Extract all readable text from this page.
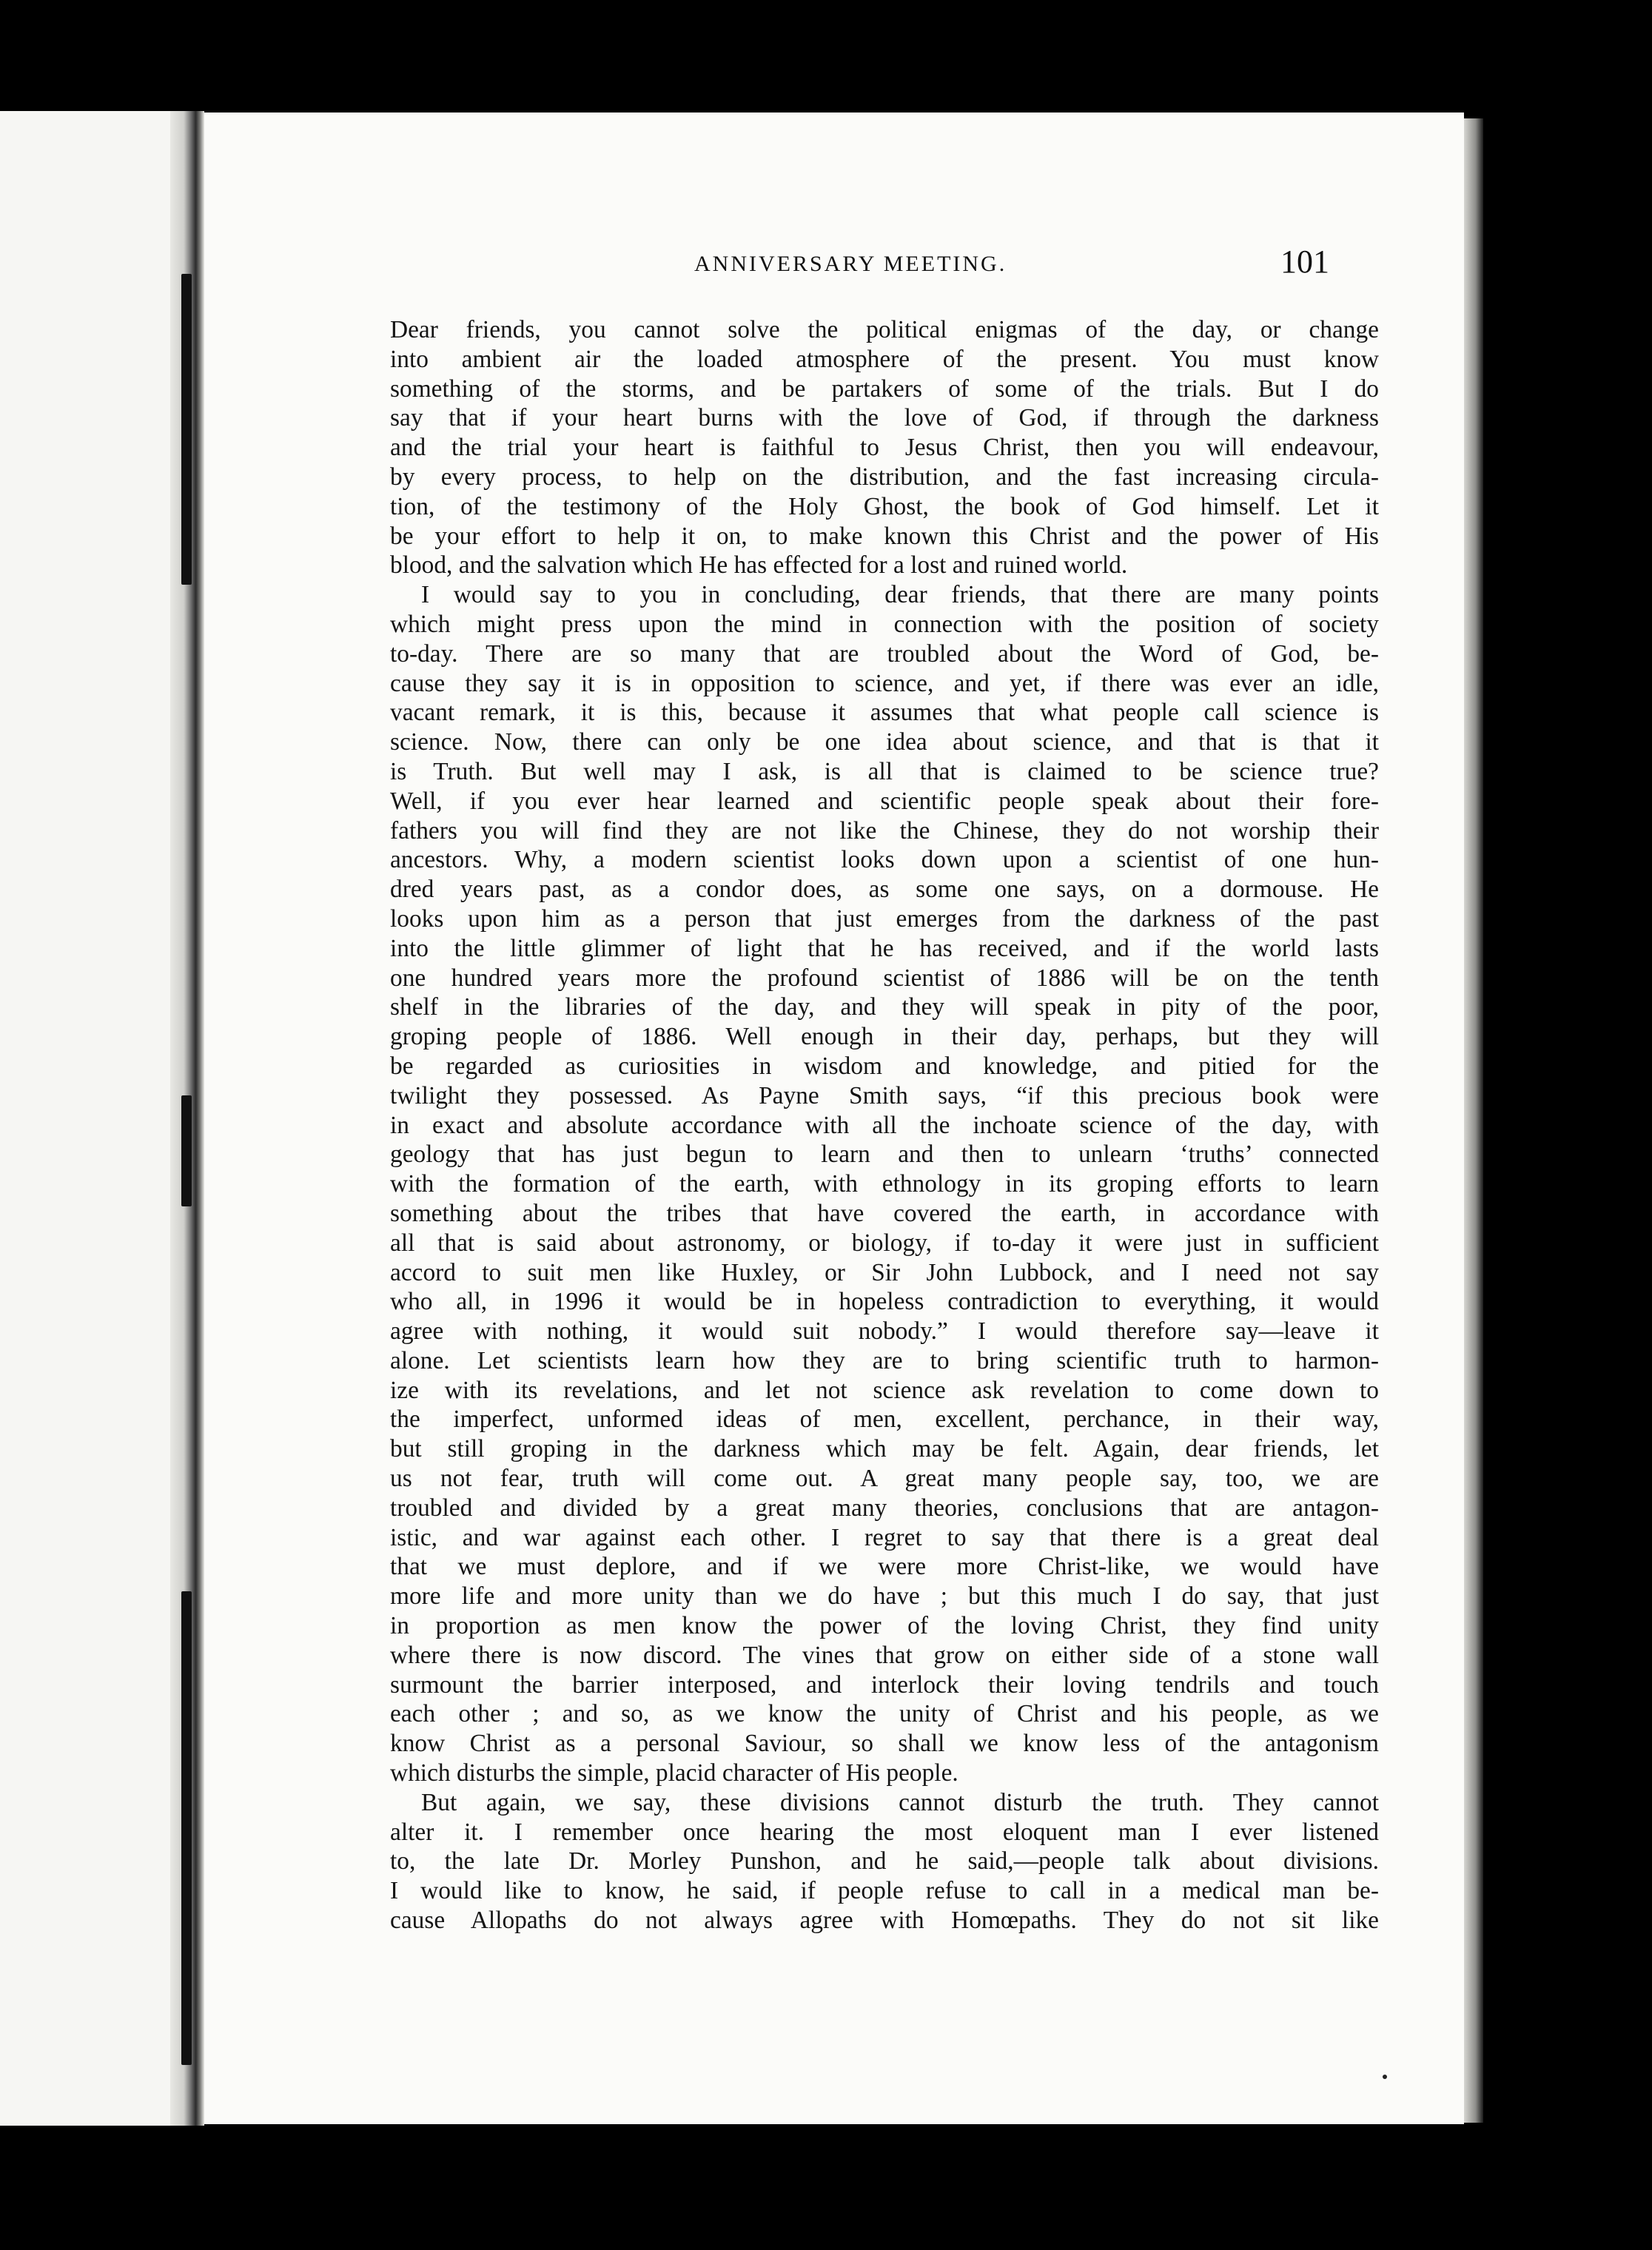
ANNIVERSARY MEETING.	101
Dear friends, you cannot solve the political enigmas of the day, or change
into ambient air the loaded atmosphere of the present. You must know
something of the storms, and be partakers of some of the trials. But I do
say that if your heart burns with the love of God, if through the darkness
and the trial your heart is faithful to Jesus Christ, then you will endeavour,
by every process, to help on the distribution, and the fast increasing circula-
tion, of the testimony of the Holy Ghost, the book of God himself. Let it
be your effort to help it on, to make known this Christ and the power of His
blood, and the salvation which He has effected for a lost and ruined world.
I would say to you in concluding, dear friends, that there are many points
which might press upon the mind in connection with the position of society
to-day. There are so many that are troubled about the Word of God, be-
cause they say it is in opposition to science, and yet, if there was ever an idle,
vacant remark, it is this, because it assumes that what people call science is
science. Now, there can only be one idea about science, and that is that it
is Truth. But well may I ask, is all that is claimed to be science true?
Well, if you ever hear learned and scientific people speak about their fore-
fathers you will find they are not like the Chinese, they do not worship their
ancestors. Why, a modern scientist looks down upon a scientist of one hun-
dred years past, as a condor does, as some one says, on a dormouse. He
looks upon him as a person that just emerges from the darkness of the past
into the little glimmer of light that he has received, and if the world lasts
one hundred years more the profound scientist of 1886 will be on the tenth
shelf in the libraries of the day, and they will speak in pity of the poor,
groping people of 1886. Well enough in their day, perhaps, but they will
be regarded as curiosities in wisdom and knowledge, and pitied for the
twilight they possessed. As Payne Smith says, “if this precious book were
in exact and absolute accordance with all the inchoate science of the day, with
geology that has just begun to learn and then to unlearn ‘truths’ connected
with the formation of the earth, with ethnology in its groping efforts to learn
something about the tribes that have covered the earth, in accordance with
all that is said about astronomy, or biology, if to-day it were just in sufficient
accord to suit men like Huxley, or Sir John Lubbock, and I need not say
who all, in 1996 it would be in hopeless contradiction to everything, it would
agree with nothing, it would suit nobody.” I would therefore say—leave it
alone. Let scientists learn how they are to bring scientific truth to harmon-
ize with its revelations, and let not science ask revelation to come down to
the imperfect, unformed ideas of men, excellent, perchance, in their way,
but still groping in the darkness which may be felt. Again, dear friends, let
us not fear, truth will come out. A great many people say, too, we are
troubled and divided by a great many theories, conclusions that are antagon-
istic, and war against each other. I regret to say that there is a great deal
that we must deplore, and if we were more Christ-like, we would have
more life and more unity than we do have ; but this much I do say, that just
in proportion as men know the power of the loving Christ, they find unity
where there is now discord. The vines that grow on either side of a stone wall
surmount the barrier interposed, and interlock their loving tendrils and touch
each other ; and so, as we know the unity of Christ and his people, as we
know Christ as a personal Saviour, so shall we know less of the antagonism
which disturbs the simple, placid character of His people.
But again, we say, these divisions cannot disturb the truth. They cannot
alter it. I remember once hearing the most eloquent man I ever listened
to, the late Dr. Morley Punshon, and he said,—people talk about divisions.
I would like to know, he said, if people refuse to call in a medical man be-
cause Allopaths do not always agree with Homœpaths. They do not sit like
